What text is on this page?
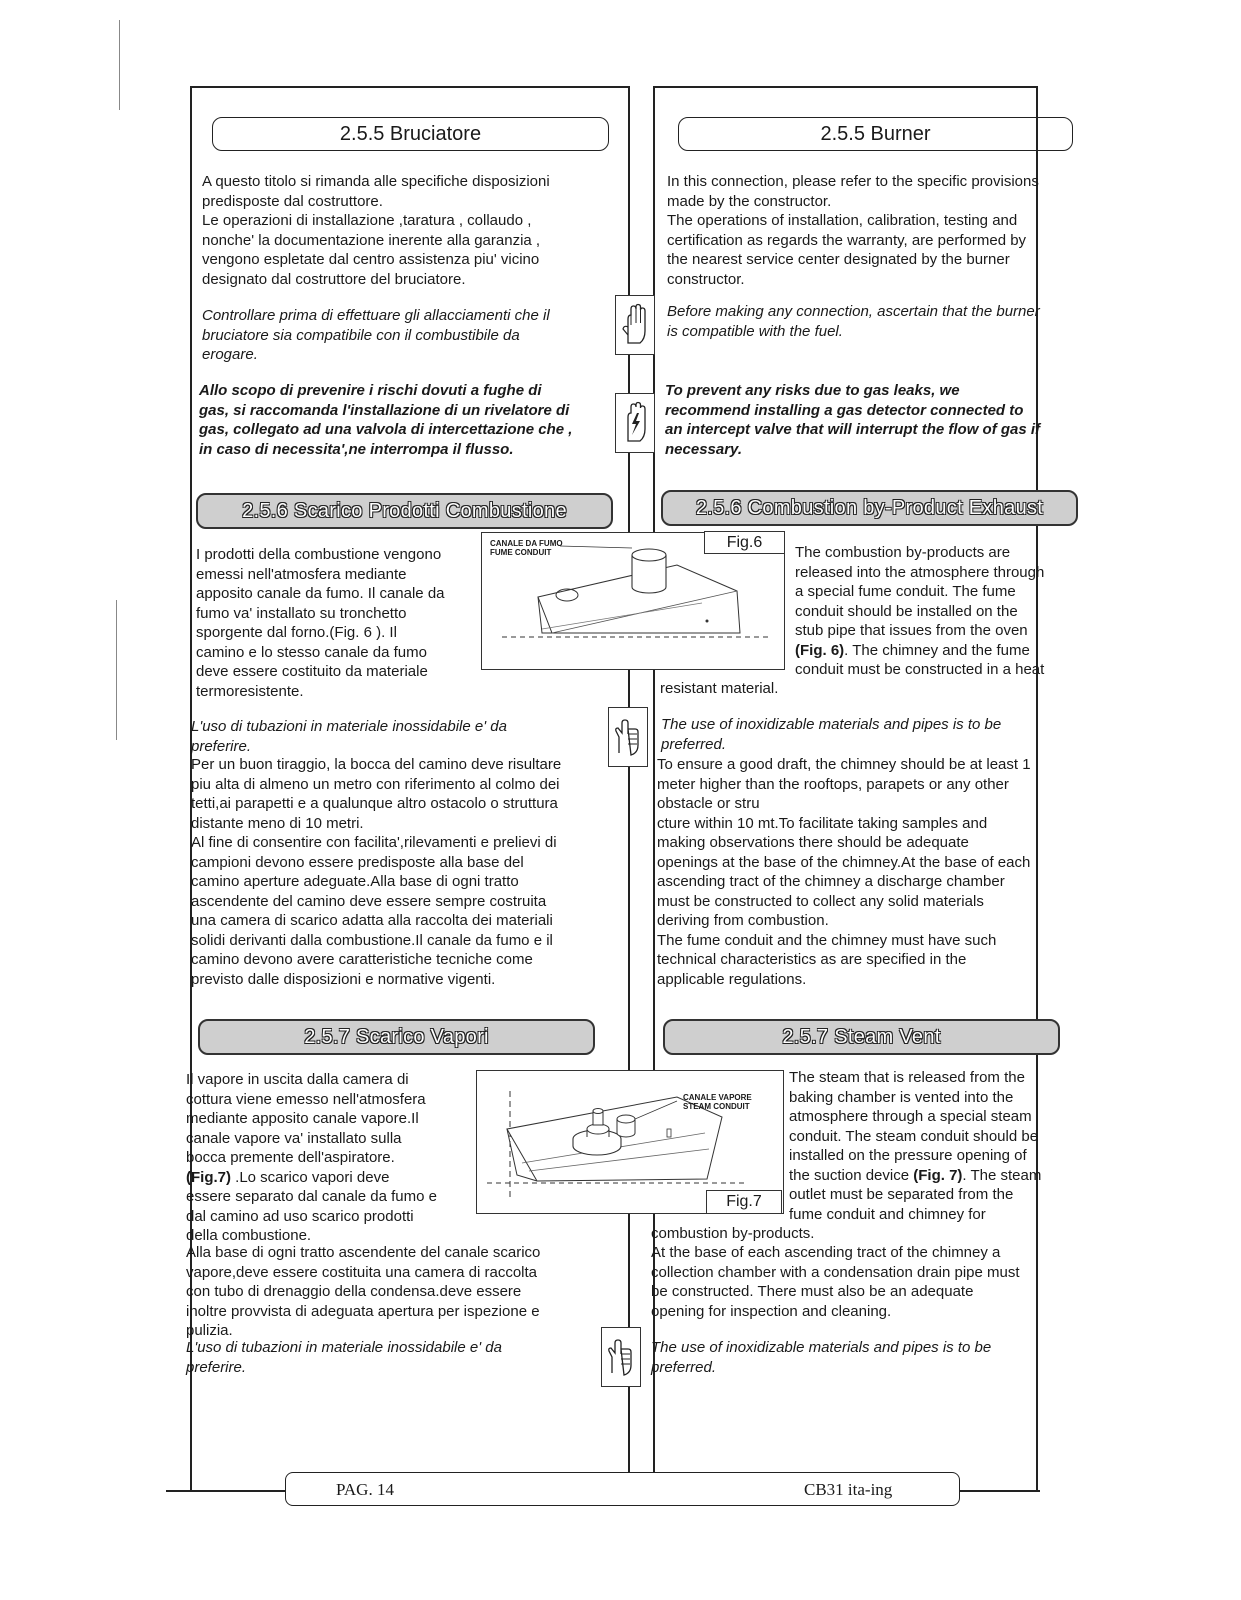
2.5.5 Bruciatore	2.5.5 Burner
A questo titolo si rimanda alle specifiche disposizioni
predisposte dal costruttore.
Le operazioni di installazione ,taratura , collaudo ,
nonche' la documentazione inerente alla garanzia ,
vengono espletate dal centro assistenza piu' vicino
designato dal costruttore del bruciatore.
In this connection, please refer to the specific provisions
made by the constructor.
The operations of installation, calibration, testing and
certification as regards the warranty, are performed by
the nearest service center designated by the burner
constructor.
Controllare prima di effettuare gli allacciamenti che il
bruciatore sia compatibile con il combustibile da
erogare.
Before making any connection, ascertain that the burner
is compatible with the fuel.
Allo scopo di prevenire i rischi dovuti a fughe di
gas, si raccomanda l'installazione di un rivelatore di
gas, collegato ad una valvola di intercettazione che ,
in caso di necessita',ne interrompa il flusso.
To prevent any risks due to gas leaks, we
recommend installing a gas detector connected to
an intercept valve that will interrupt the flow of gas if
necessary.
2.5.6 Scarico Prodotti Combustione	2.5.6 Combustion by-Product Exhaust
I prodotti della combustione vengono
emessi nell'atmosfera mediante
apposito canale da fumo. Il canale da
fumo va' installato su tronchetto
sporgente dal forno.(Fig. 6 ). Il
camino e lo stesso canale da fumo
deve essere costituito da materiale
termoresistente.
CANALE DA FUMO
FUME CONDUIT
Fig.6
The combustion by-products are
released into the atmosphere through
a special fume conduit. The fume
conduit should be installed on the
stub pipe that issues from the oven
(Fig. 6). The chimney and the fume
conduit must be constructed in a heat
resistant material.
L'uso di tubazioni in materiale inossidabile e' da
preferire.
The use of inoxidizable materials and pipes is to be
preferred.
Per un buon tiraggio, la bocca del camino deve risultare
piu alta di almeno un metro con riferimento al colmo dei
tetti,ai parapetti e a qualunque altro ostacolo o struttura
distante meno di 10 metri.
Al fine di consentire con facilita',rilevamenti e prelievi di
campioni devono essere predisposte alla base del
camino aperture adeguate.Alla base di ogni tratto
ascendente del camino deve essere sempre costruita
una camera di scarico adatta alla raccolta dei materiali
solidi derivanti dalla combustione.Il canale da fumo e il
camino devono avere caratteristiche tecniche come
previsto dalle disposizioni e normative vigenti.
To ensure a good draft, the chimney should be at least 1
meter higher than the rooftops, parapets or any other
obstacle or stru
cture within 10 mt.To facilitate taking samples and
making observations there should be adequate
openings at the base of the chimney.At the base of each
ascending tract of the chimney a discharge chamber
must be constructed to collect any solid materials
deriving from combustion.
The fume conduit and the chimney must have such
technical characteristics as are specified in the
applicable regulations.
2.5.7 Scarico Vapori	2.5.7 Steam Vent
Il vapore in uscita dalla camera di
cottura viene emesso nell'atmosfera
mediante apposito canale vapore.Il
canale vapore va' installato sulla
bocca premente dell'aspiratore.
(Fig.7) .Lo scarico vapori deve
essere separato dal canale da fumo e
dal camino ad uso scarico prodotti
della combustione.
CANALE VAPORE
STEAM CONDUIT
Fig.7
The steam that is released from the
baking chamber is vented into the
atmosphere through a special steam
conduit. The steam conduit should be
installed on the pressure opening of
the suction device (Fig. 7). The steam
outlet must be separated from the
fume conduit and chimney for
combustion by-products.
Alla base di ogni tratto ascendente del canale scarico
vapore,deve essere costituita una camera di raccolta
con tubo di drenaggio della condensa.deve essere
inoltre provvista di adeguata apertura per ispezione e
pulizia.
At the base of each ascending tract of the chimney a
collection chamber with a condensation drain pipe must
be constructed. There must also be an adequate
opening for inspection and cleaning.
L'uso di tubazioni in materiale inossidabile e' da
preferire.
The use of inoxidizable materials and pipes is to be
preferred.
PAG. 14	CB31 ita-ing
